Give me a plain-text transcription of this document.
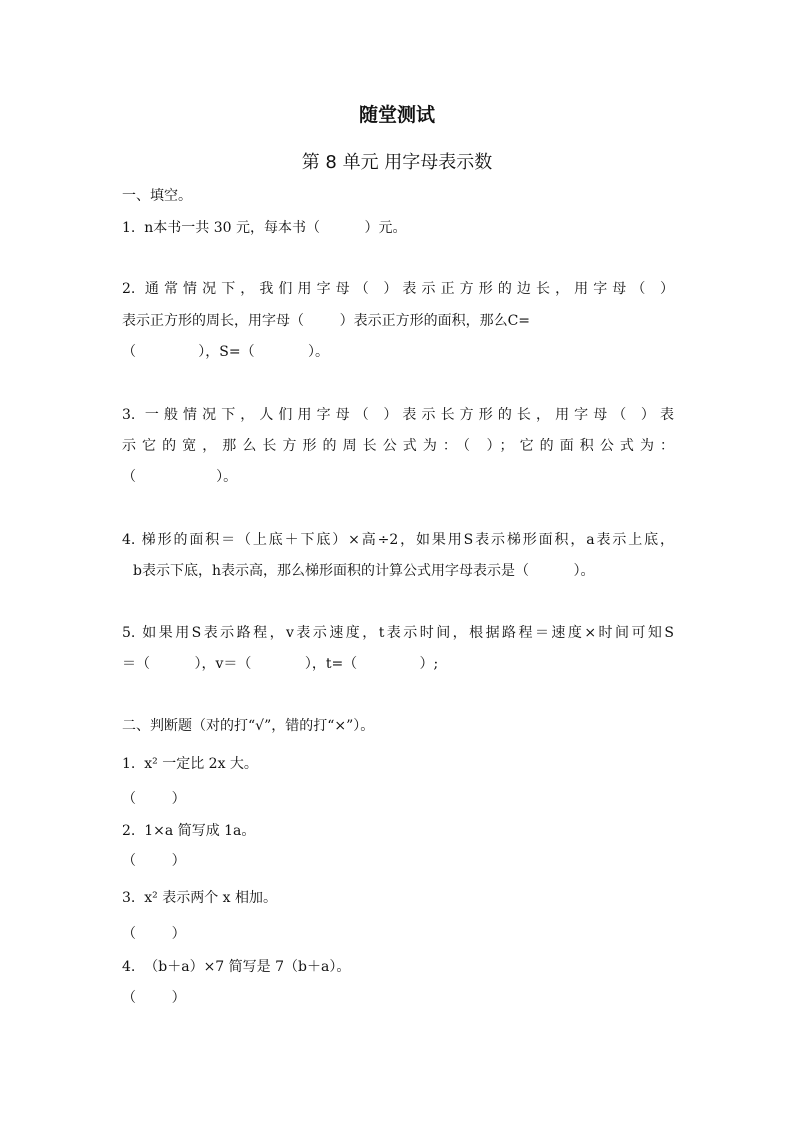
随堂测试
第 8 单元 用字母表示数
一、填空。
1.  n本书一共 30 元，每本书（          ）元。
2. 通常情况下，我们用字母（ ）表示正方形的边长，用字母（ ）
表示正方形的周长，用字母（        ）表示正方形的面积，那么C=
（              ），S=（            ）。
3. 一般情况下，人们用字母（ ）表示长方形的长，用字母（ ）表
示它的宽，那么长方形的周长公式为：（ ）；它的面积公式为：
（                  ）。
4. 梯形的面积＝（上底＋下底）×高÷2，如果用S表示梯形面积，a表示上底，
b表示下底，h表示高，那么梯形面积的计算公式用字母表示是（          ）。
5. 如果用S表示路程，v表示速度，t表示时间，根据路程＝速度×时间可知S
＝（          ），v＝（            ），t=（              ）;
二、判断题（对的打“√”，错的打“×”）。
1.  x² 一定比 2x 大。
（        ）
2.  1×a 简写成 1a。
（        ）
3.  x² 表示两个 x 相加。
（        ）
4.  （b＋a）×7 简写是 7（b＋a）。
（        ）
